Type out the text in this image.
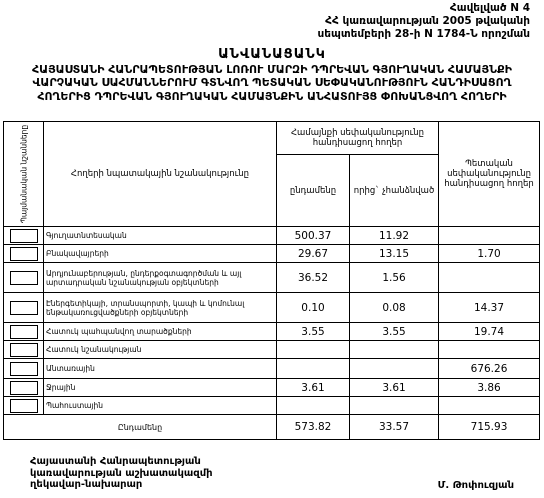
Հավելված N 4
ՀՀ կառավարության 2005 թվականի
սեպտեմբերի 28-ի N 1784-Ն որոշման
ԱՆՎԱՆԱՑԱՆԿ
ՀԱՅԱՍՏԱՆԻ ՀԱՆՐԱՊԵՏՈՒԹՅԱՆ ԼՈՌՈՒ ՄԱՐԶԻ ԴՊՐԵՎԱՆ ԳՅՈՒՂԱԿԱՆ ՀԱՄԱՅՆՔԻ
ՎԱՐՉԱԿԱՆ ՍԱՀՄԱՆՆԵՐՈՒՄ ԳՏՆՎՈՂ ՊԵՏԱԿԱՆ ՍԵՓԱԿԱՆՈՒԹՅՈՒՆ ՀԱՆԴԻՍԱՑՈՂ
ՀՈՂԵՐԻՑ ԴՊՐԵՎԱՆ ԳՅՈՒՂԱԿԱՆ ՀԱՄԱՅՆՔԻՆ ԱՆՀԱՏՈՒՅՑ ՓՈԽԱՆՑՎՈՂ ՀՈՂԵՐԻ
Պայմանական նշանները	Հողերի նպատակային նշանակությունը	Համայնքի սեփականությունը հանդիսացող հողեր		Պետական սեփականությունը հանդիսացող հողեր
		ընդամենը	որից` չհանձնված	

	Գյուղատնտեսական	500.37	11.92	

	Բնակավայրերի	29.67	13.15	1.70

	Արդյունաբերության, ընդերքօգտագործման և այլ արտադրական նշանակության օբյեկտների	36.52	1.56	

	Էներգետիկայի, տրանսպորտի, կապի և կոմունալ ենթակառուցվածքների օբյեկտների	0.10	0.08	14.37

	Հատուկ պահպանվող տարածքների	3.55	3.55	19.74

	Հատուկ նշանակության			

	Անտառային			676.26

	Ջրային	3.61	3.61	3.86

	Պահուստային			
Ընդամենը		573.82	33.57	715.93
Հայաստանի Հանրապետության
կառավարության աշխատակազմի
ղեկավար-նախարար	Մ. Թոփուզյան
